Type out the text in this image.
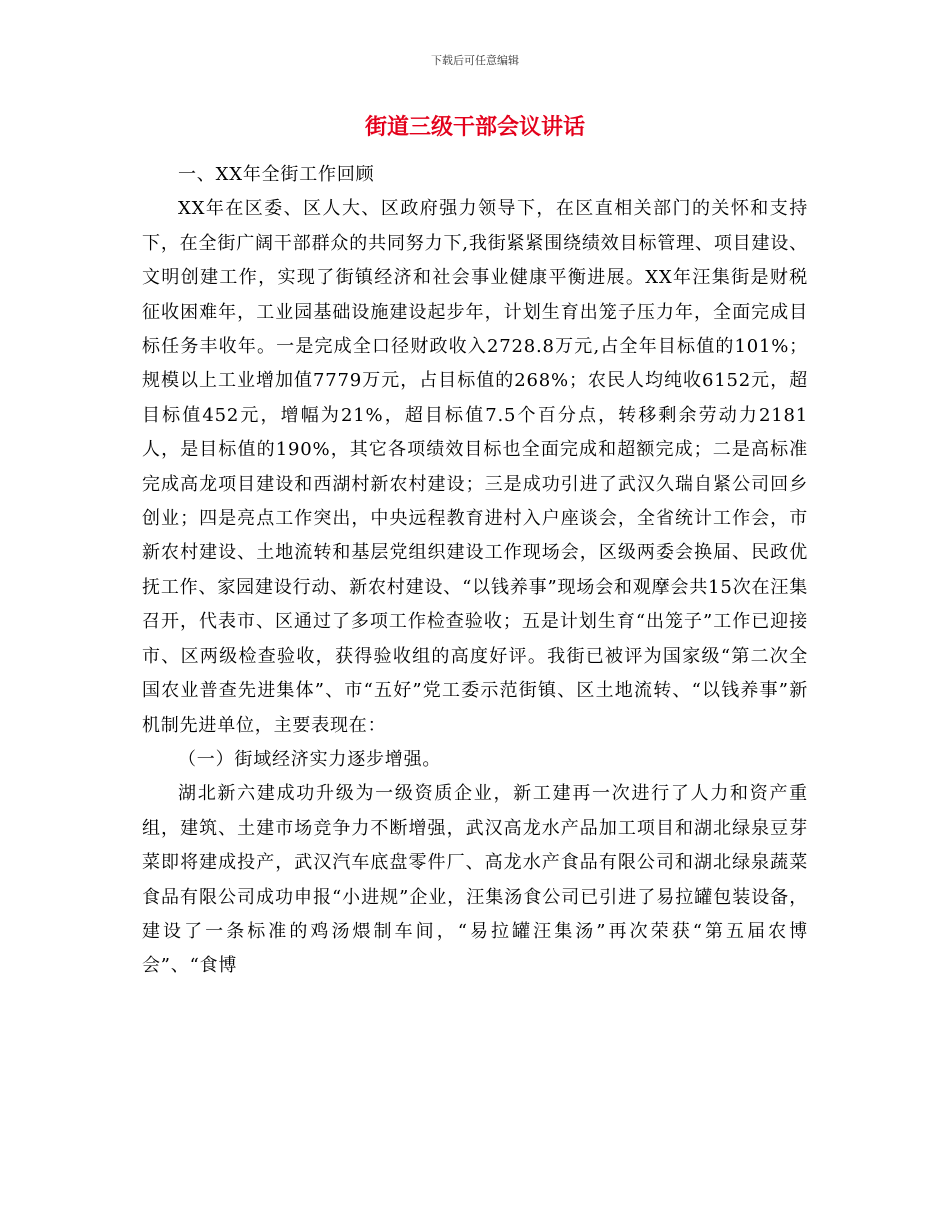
下载后可任意编辑
街道三级干部会议讲话

一、XX年全街工作回顾

XX年在区委、区人大、区政府强力领导下，在区直相关部门的关怀和支持下，在全街广阔干部群众的共同努力下,我街紧紧围绕绩效目标管理、项目建设、文明创建工作，实现了街镇经济和社会事业健康平衡进展。XX年汪集街是财税征收困难年，工业园基础设施建设起步年，计划生育出笼子压力年，全面完成目标任务丰收年。一是完成全口径财政收入2728.8万元,占全年目标值的101%；规模以上工业增加值7779万元，占目标值的268%；农民人均纯收6152元，超目标值452元，增幅为21%，超目标值7.5个百分点，转移剩余劳动力2181人，是目标值的190%，其它各项绩效目标也全面完成和超额完成；二是高标准完成高龙项目建设和西湖村新农村建设；三是成功引进了武汉久瑞自紧公司回乡创业；四是亮点工作突出，中央远程教育进村入户座谈会，全省统计工作会，市新农村建设、土地流转和基层党组织建设工作现场会，区级两委会换届、民政优抚工作、家园建设行动、新农村建设、“以钱养事”现场会和观摩会共15次在汪集召开，代表市、区通过了多项工作检查验收；五是计划生育“出笼子”工作已迎接市、区两级检查验收，获得验收组的高度好评。我街已被评为国家级“第二次全国农业普查先进集体”、市“五好”党工委示范街镇、区土地流转、“以钱养事”新机制先进单位，主要表现在：

（一）街域经济实力逐步增强。

湖北新六建成功升级为一级资质企业，新工建再一次进行了人力和资产重组，建筑、土建市场竞争力不断增强，武汉高龙水产品加工项目和湖北绿泉豆芽菜即将建成投产，武汉汽车底盘零件厂、高龙水产食品有限公司和湖北绿泉蔬菜食品有限公司成功申报“小进规”企业，汪集汤食公司已引进了易拉罐包装设备，建设了一条标准的鸡汤煨制车间，“易拉罐汪集汤”再次荣获“第五届农博会”、“食博
